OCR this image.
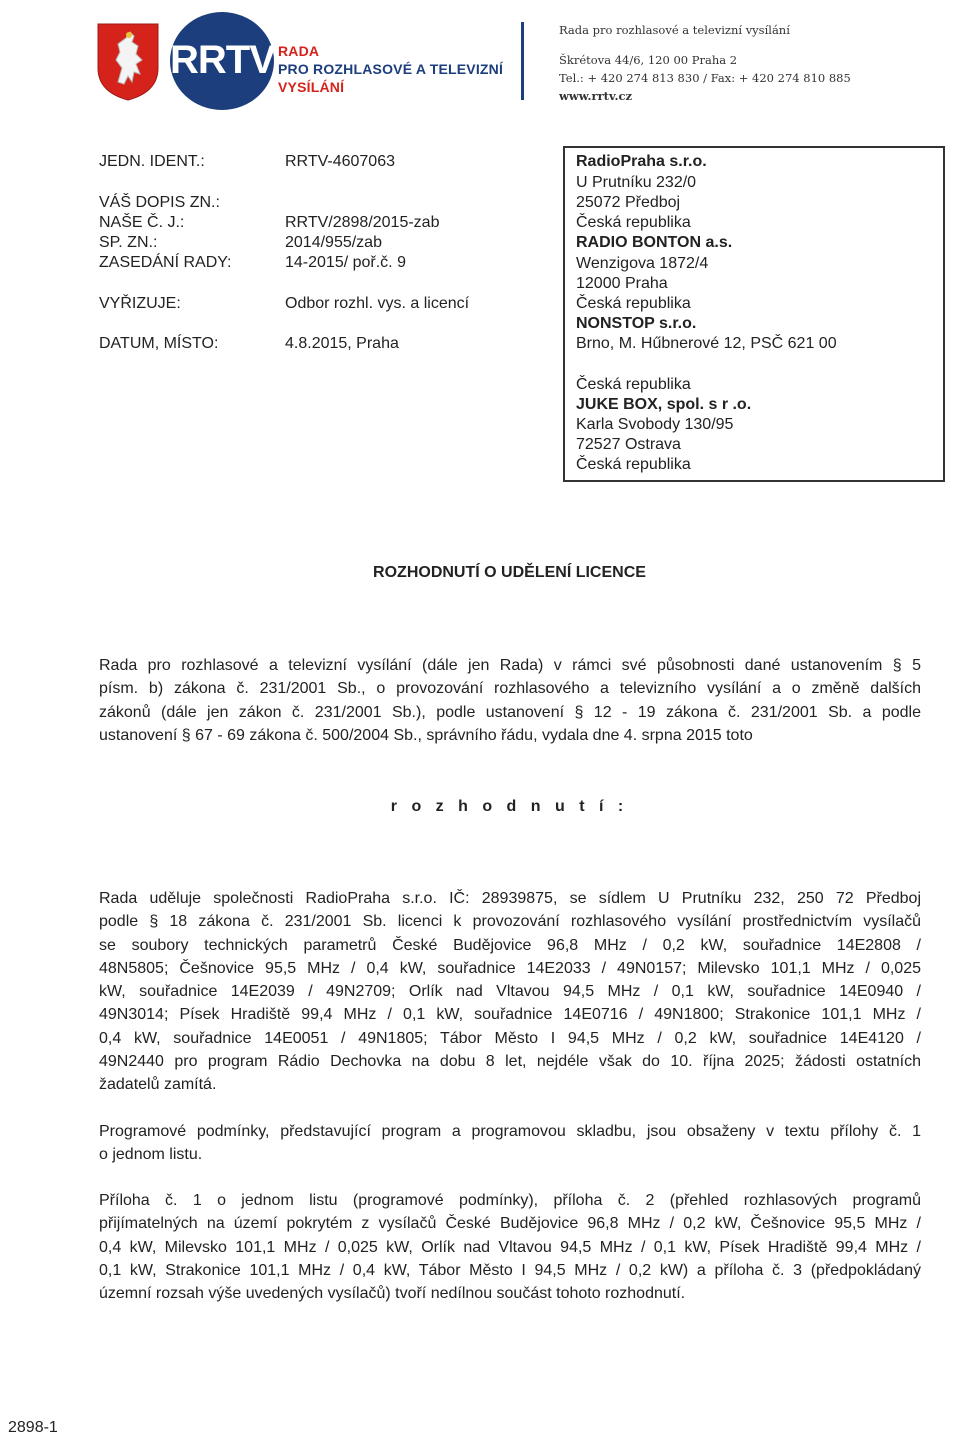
RRTV RADA
PRO ROZHLASOVÉ A TELEVIZNÍ
VYSÍLÁNÍ
Rada pro rozhlasové a televizní vysílání
Škrétova 44/6, 120 00 Praha 2
Tel.: + 420 274 813 830 / Fax: + 420 274 810 885
www.rrtv.cz
JEDN. IDENT.:	RRTV-4607063
VÁŠ DOPIS ZN.:
NAŠE Č. J.:	RRTV/2898/2015-zab
SP. ZN.:	2014/955/zab
ZASEDÁNÍ RADY:	14-2015/ poř.č. 9
VYŘIZUJE:	Odbor rozhl. vys. a licencí
DATUM, MÍSTO:	4.8.2015, Praha
RadioPraha s.r.o.
U Prutníku 232/0
25072 Předboj
Česká republika
RADIO BONTON a.s.
Wenzigova 1872/4
12000 Praha
Česká republika
NONSTOP s.r.o.
Brno, M. Hűbnerové 12, PSČ 621 00
Česká republika
JUKE BOX, spol. s r .o.
Karla Svobody 130/95
72527 Ostrava
Česká republika
ROZHODNUTÍ O UDĚLENÍ LICENCE
Rada pro rozhlasové a televizní vysílání (dále jen Rada) v rámci své působnosti dané ustanovením § 5
písm. b) zákona č. 231/2001 Sb., o provozování rozhlasového a televizního vysílání a o změně dalších
zákonů (dále jen zákon č. 231/2001 Sb.), podle ustanovení § 12 - 19 zákona č. 231/2001 Sb. a podle
ustanovení § 67 - 69 zákona č. 500/2004 Sb., správního řádu, vydala dne 4. srpna 2015 toto
r o z h o d n u t í :
Rada uděluje společnosti RadioPraha s.r.o. IČ: 28939875, se sídlem U Prutníku 232, 250 72 Předboj
podle § 18 zákona č. 231/2001 Sb. licenci k provozování rozhlasového vysílání prostřednictvím vysílačů
se soubory technických parametrů České Budějovice 96,8 MHz / 0,2 kW, souřadnice 14E2808 /
48N5805; Češnovice 95,5 MHz / 0,4 kW, souřadnice 14E2033 / 49N0157; Milevsko 101,1 MHz / 0,025
kW, souřadnice 14E2039 / 49N2709; Orlík nad Vltavou 94,5 MHz / 0,1 kW, souřadnice 14E0940 /
49N3014; Písek Hradiště 99,4 MHz / 0,1 kW, souřadnice 14E0716 / 49N1800; Strakonice 101,1 MHz /
0,4 kW, souřadnice 14E0051 / 49N1805; Tábor Město I 94,5 MHz / 0,2 kW, souřadnice 14E4120 /
49N2440 pro program Rádio Dechovka na dobu 8 let, nejdéle však do 10. října 2025; žádosti ostatních
žadatelů zamítá.
Programové podmínky, představující program a programovou skladbu, jsou obsaženy v textu přílohy č. 1
o jednom listu.
Příloha č. 1 o jednom listu (programové podmínky), příloha č. 2 (přehled rozhlasových programů
přijímatelných na území pokrytém z vysílačů České Budějovice 96,8 MHz / 0,2 kW, Češnovice 95,5 MHz /
0,4 kW, Milevsko 101,1 MHz / 0,025 kW, Orlík nad Vltavou 94,5 MHz / 0,1 kW, Písek Hradiště 99,4 MHz /
0,1 kW, Strakonice 101,1 MHz / 0,4 kW, Tábor Město I 94,5 MHz / 0,2 kW) a příloha č. 3 (předpokládaný
územní rozsah výše uvedených vysílačů) tvoří nedílnou součást tohoto rozhodnutí.
2898-1
